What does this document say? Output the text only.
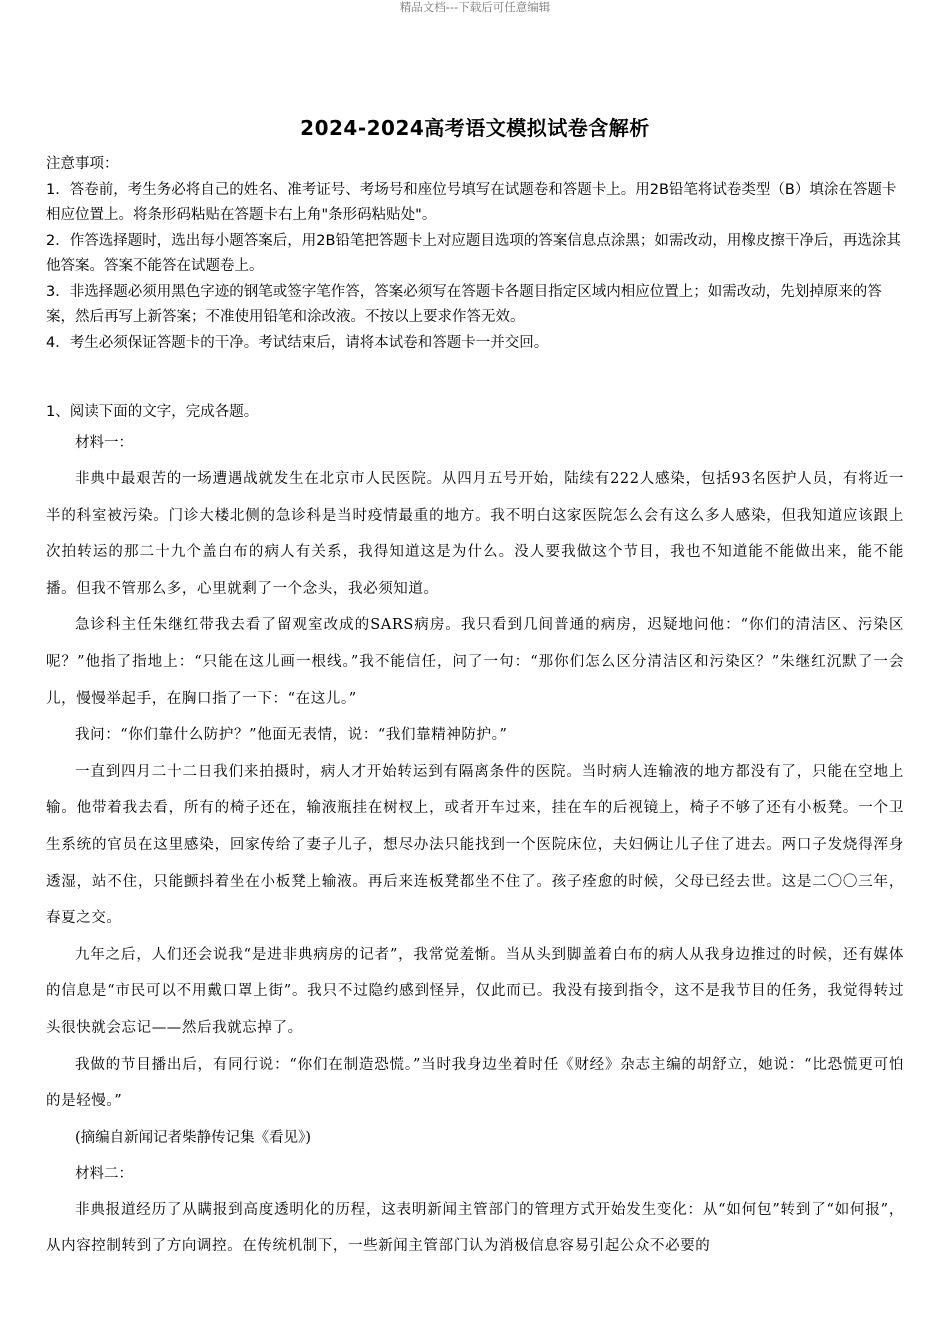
精品文档---下载后可任意编辑
2024-2024高考语文模拟试卷含解析

注意事项：

1．答卷前，考生务必将自己的姓名、准考证号、考场号和座位号填写在试题卷和答题卡上。用2B铅笔将试卷类型（B）填涂在答题卡相应位置上。将条形码粘贴在答题卡右上角"条形码粘贴处"。

2．作答选择题时，选出每小题答案后，用2B铅笔把答题卡上对应题目选项的答案信息点涂黑；如需改动，用橡皮擦干净后，再选涂其他答案。答案不能答在试题卷上。

3．非选择题必须用黑色字迹的钢笔或签字笔作答，答案必须写在答题卡各题目指定区域内相应位置上；如需改动，先划掉原来的答案，然后再写上新答案；不准使用铅笔和涂改液。不按以上要求作答无效。

4．考生必须保证答题卡的干净。考试结束后，请将本试卷和答题卡一并交回。

1、阅读下面的文字，完成各题。

材料一：

非典中最艰苦的一场遭遇战就发生在北京市人民医院。从四月五号开始，陆续有222人感染，包括93名医护人员，有将近一半的科室被污染。门诊大楼北侧的急诊科是当时疫情最重的地方。我不明白这家医院怎么会有这么多人感染，但我知道应该跟上次拍转运的那二十九个盖白布的病人有关系，我得知道这是为什么。没人要我做这个节目，我也不知道能不能做出来，能不能播。但我不管那么多，心里就剩了一个念头，我必须知道。

急诊科主任朱继红带我去看了留观室改成的SARS病房。我只看到几间普通的病房，迟疑地问他：“你们的清洁区、污染区呢？”他指了指地上：“只能在这儿画一根线。”我不能信任，问了一句：“那你们怎么区分清洁区和污染区？”朱继红沉默了一会儿，慢慢举起手，在胸口指了一下：“在这儿。”

我问：“你们靠什么防护？”他面无表情，说：“我们靠精神防护。”

一直到四月二十二日我们来拍摄时，病人才开始转运到有隔离条件的医院。当时病人连输液的地方都没有了，只能在空地上输。他带着我去看，所有的椅子还在，输液瓶挂在树杈上，或者开车过来，挂在车的后视镜上，椅子不够了还有小板凳。一个卫生系统的官员在这里感染，回家传给了妻子儿子，想尽办法只能找到一个医院床位，夫妇俩让儿子住了进去。两口子发烧得浑身透湿，站不住，只能颤抖着坐在小板凳上输液。再后来连板凳都坐不住了。孩子痊愈的时候，父母已经去世。这是二〇〇三年，春夏之交。

九年之后，人们还会说我“是进非典病房的记者”，我常觉羞惭。当从头到脚盖着白布的病人从我身边推过的时候，还有媒体的信息是“市民可以不用戴口罩上街”。我只不过隐约感到怪异，仅此而已。我没有接到指令，这不是我节目的任务，我觉得转过头很快就会忘记——然后我就忘掉了。

我做的节目播出后，有同行说：“你们在制造恐慌。”当时我身边坐着时任《财经》杂志主编的胡舒立，她说：“比恐慌更可怕的是轻慢。”

(摘编自新闻记者柴静传记集《看见》)

材料二：

非典报道经历了从瞒报到高度透明化的历程，这表明新闻主管部门的管理方式开始发生变化：从“如何包”转到了“如何报”，从内容控制转到了方向调控。在传统机制下，一些新闻主管部门认为消极信息容易引起公众不必要的
